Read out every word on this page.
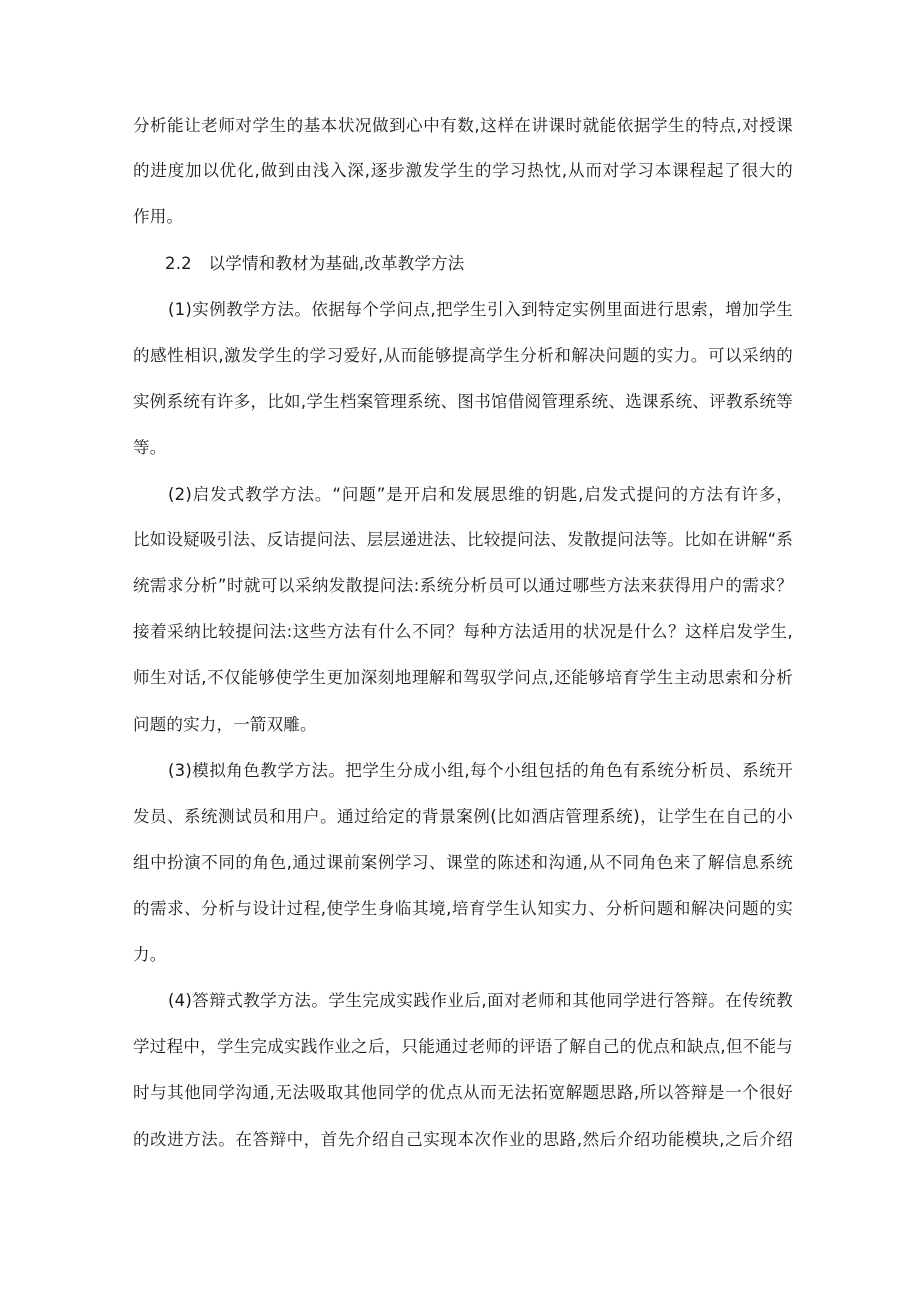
分析能让老师对学生的基本状况做到心中有数,这样在讲课时就能依据学生的特点,对授课
的进度加以优化,做到由浅入深,逐步激发学生的学习热忱,从而对学习本课程起了很大的
作用。
2.2　以学情和教材为基础,改革教学方法
(1)实例教学方法。依据每个学问点,把学生引入到特定实例里面进行思索，增加学生
的感性相识,激发学生的学习爱好,从而能够提高学生分析和解决问题的实力。可以采纳的
实例系统有许多，比如,学生档案管理系统、图书馆借阅管理系统、选课系统、评教系统等
等。
(2)启发式教学方法。“问题”是开启和发展思维的钥匙,启发式提问的方法有许多，
比如设疑吸引法、反诘提问法、层层递进法、比较提问法、发散提问法等。比如在讲解“系
统需求分析”时就可以采纳发散提问法:系统分析员可以通过哪些方法来获得用户的需求？
接着采纳比较提问法:这些方法有什么不同？每种方法适用的状况是什么？这样启发学生,
师生对话,不仅能够使学生更加深刻地理解和驾驭学问点,还能够培育学生主动思索和分析
问题的实力，一箭双雕。
(3)模拟角色教学方法。把学生分成小组,每个小组包括的角色有系统分析员、系统开
发员、系统测试员和用户。通过给定的背景案例(比如酒店管理系统)，让学生在自己的小
组中扮演不同的角色,通过课前案例学习、课堂的陈述和沟通,从不同角色来了解信息系统
的需求、分析与设计过程,使学生身临其境,培育学生认知实力、分析问题和解决问题的实
力。
(4)答辩式教学方法。学生完成实践作业后,面对老师和其他同学进行答辩。在传统教
学过程中，学生完成实践作业之后，只能通过老师的评语了解自己的优点和缺点,但不能与
时与其他同学沟通,无法吸取其他同学的优点从而无法拓宽解题思路,所以答辩是一个很好
的改进方法。在答辩中，首先介绍自己实现本次作业的思路,然后介绍功能模块,之后介绍
